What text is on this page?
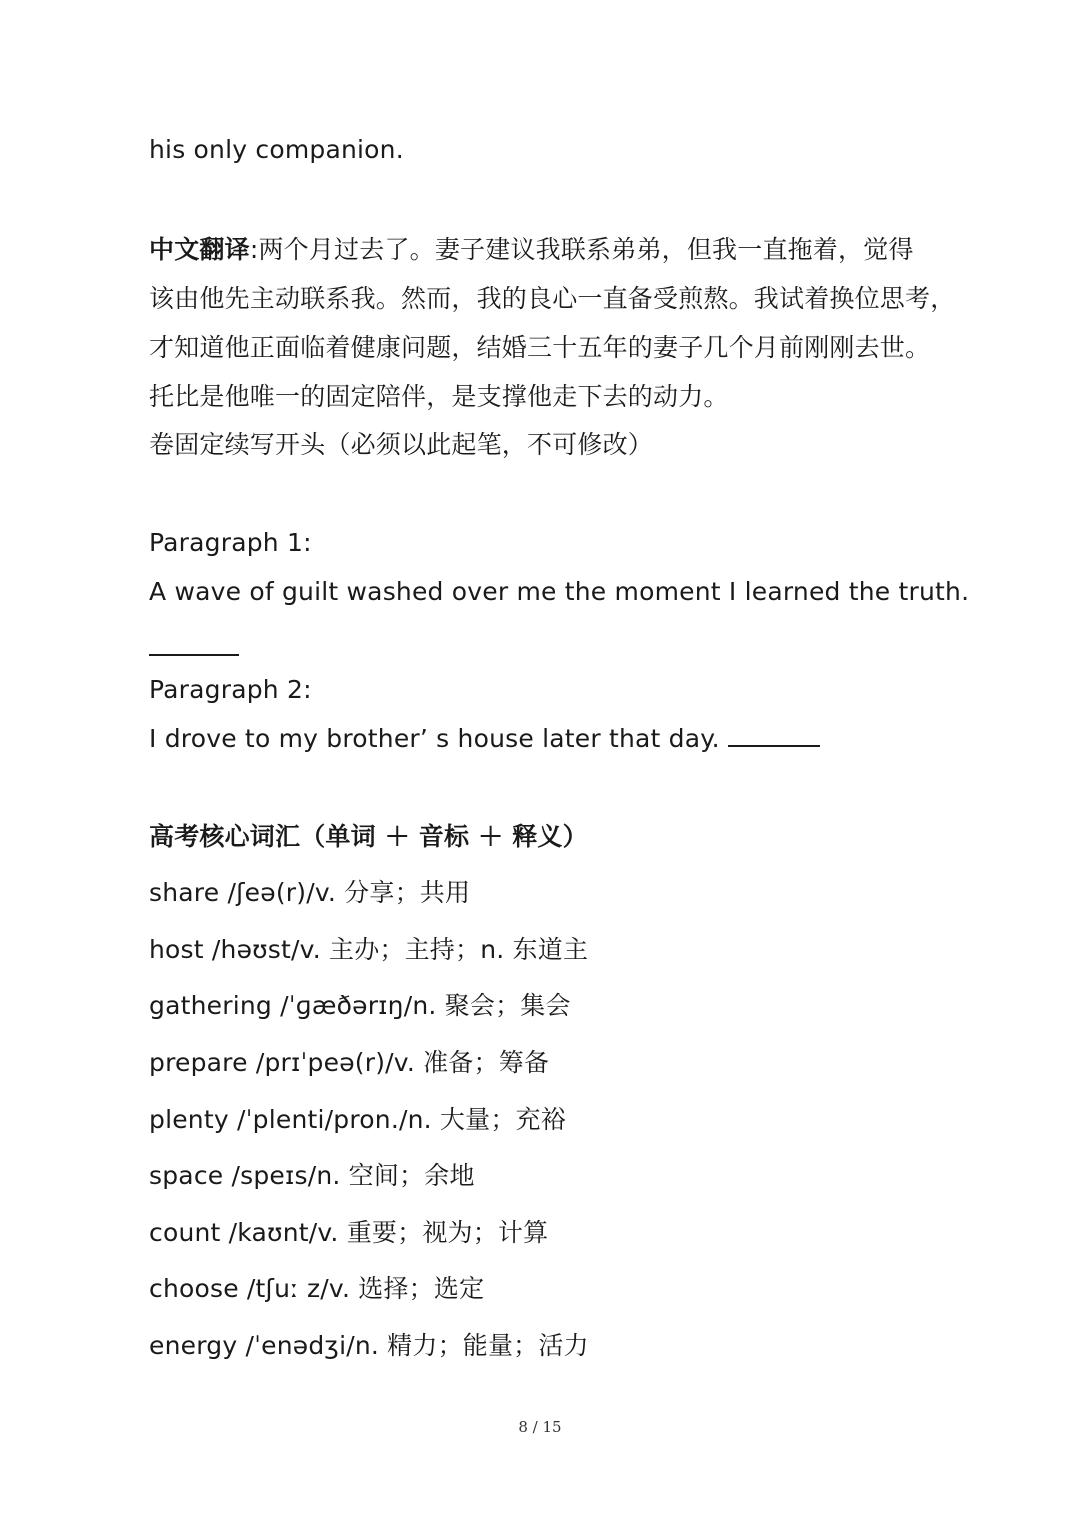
his only companion.
中文翻译:两个月过去了。妻子建议我联系弟弟，但我一直拖着，觉得
该由他先主动联系我。然而，我的良心一直备受煎熬。我试着换位思考，
才知道他正面临着健康问题，结婚三十五年的妻子几个月前刚刚去世。
托比是他唯一的固定陪伴，是支撑他走下去的动力。
卷固定续写开头（必须以此起笔，不可修改）
Paragraph 1:
A wave of guilt washed over me the moment I learned the truth.
Paragraph 2:
I drove to my brother’ s house later that day.
高考核心词汇（单词 ＋ 音标 ＋ 释义）
share /ʃeə(r)/v. 分享；共用
host /həʊst/v. 主办；主持；n. 东道主
gathering /ˈɡæðərɪŋ/n. 聚会；集会
prepare /prɪˈpeə(r)/v. 准备；筹备
plenty /ˈplenti/pron./n. 大量；充裕
space /speɪs/n. 空间；余地
count /kaʊnt/v. 重要；视为；计算
choose /tʃuː z/v. 选择；选定
energy /ˈenədʒi/n. 精力；能量；活力
8 / 15
